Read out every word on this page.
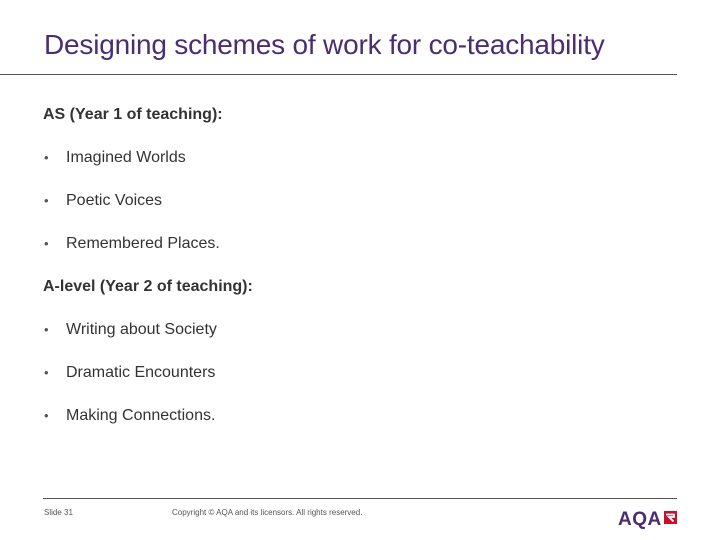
Designing schemes of work for co-teachability
AS (Year 1 of teaching):
• Imagined Worlds
• Poetic Voices
• Remembered Places.
A-level (Year 2 of teaching):
• Writing about Society
• Dramatic Encounters
• Making Connections.
Slide 31	Copyright © AQA and its licensors. All rights reserved.	AQA
